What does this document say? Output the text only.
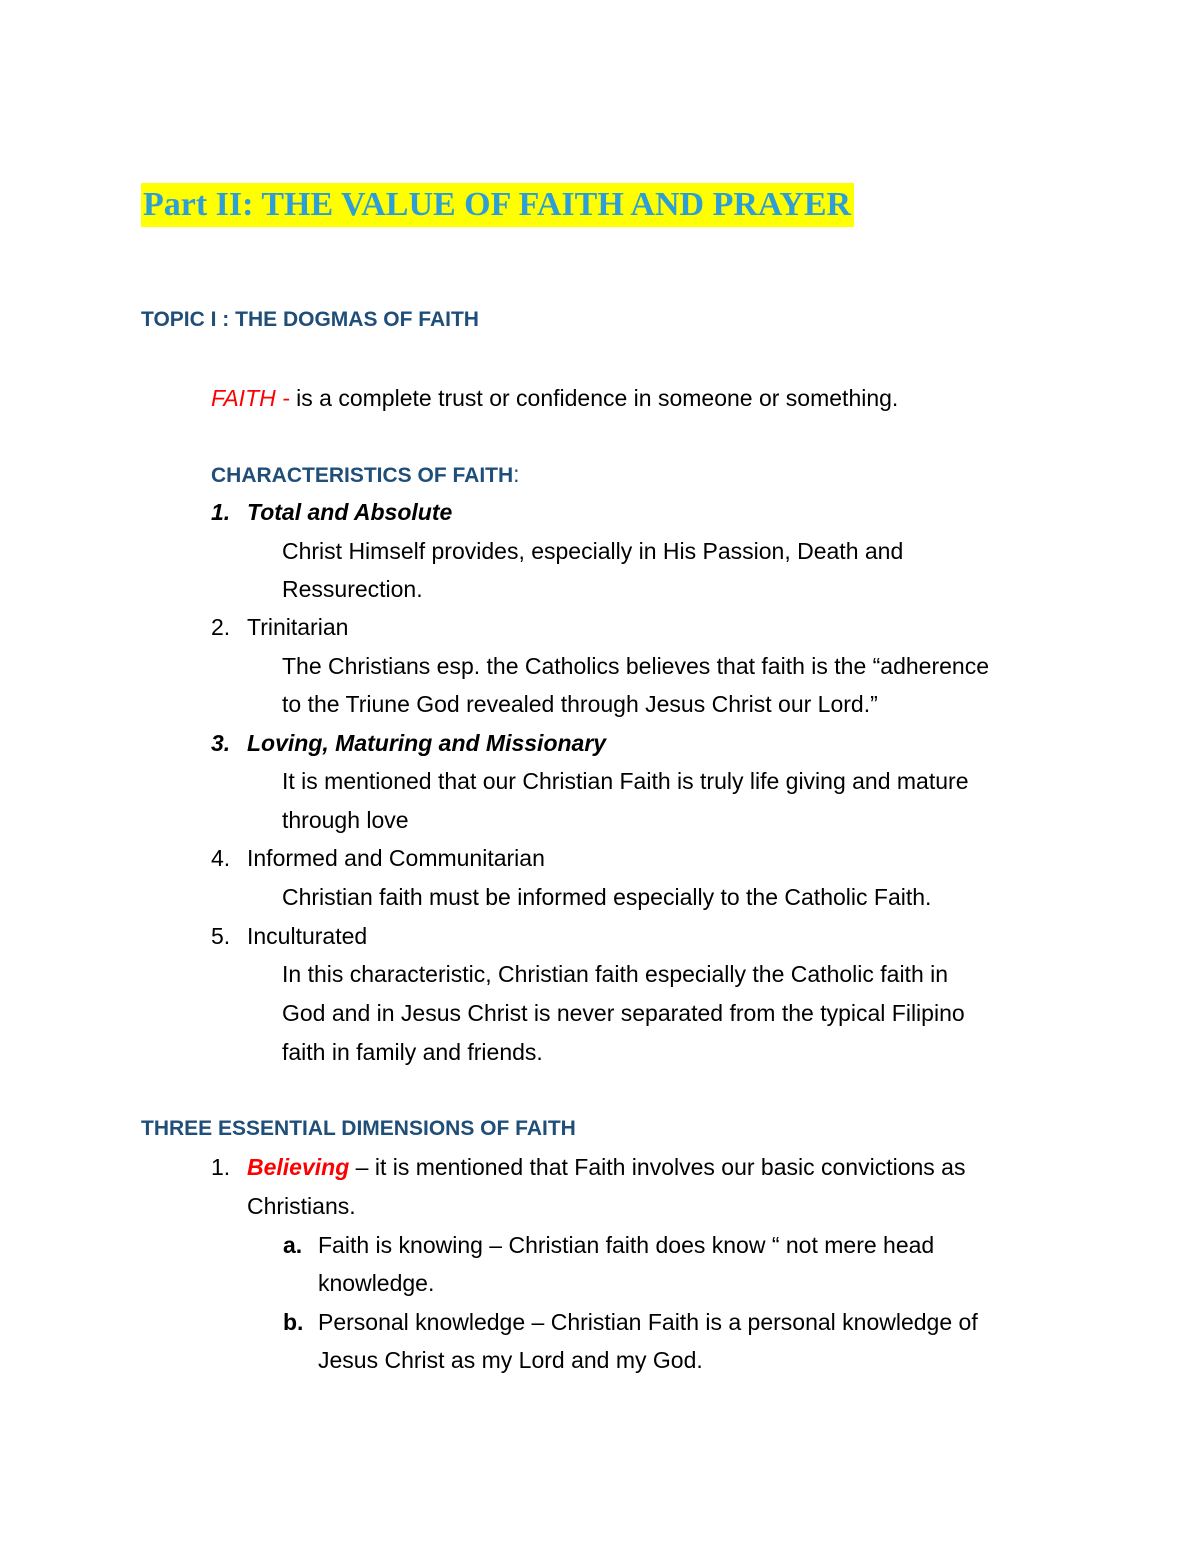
Part II: THE VALUE OF FAITH AND PRAYER
TOPIC I : THE DOGMAS OF FAITH
FAITH - is a complete trust or confidence in someone or something.
CHARACTERISTICS OF FAITH:
1. Total and Absolute
Christ Himself provides, especially in His Passion, Death and
Ressurection.
2. Trinitarian
The Christians esp. the Catholics believes that faith is the “adherence
to the Triune God revealed through Jesus Christ our Lord.”
3. Loving, Maturing and Missionary
It is mentioned that our Christian Faith is truly life giving and mature
through love
4. Informed and Communitarian
Christian faith must be informed especially to the Catholic Faith.
5. Inculturated
In this characteristic, Christian faith especially the Catholic faith in
God and in Jesus Christ is never separated from the typical Filipino
faith in family and friends.
THREE ESSENTIAL DIMENSIONS OF FAITH
1. Believing – it is mentioned that Faith involves our basic convictions as
Christians.
a. Faith is knowing – Christian faith does know “ not mere head
knowledge.
b. Personal knowledge – Christian Faith is a personal knowledge of
Jesus Christ as my Lord and my God.
